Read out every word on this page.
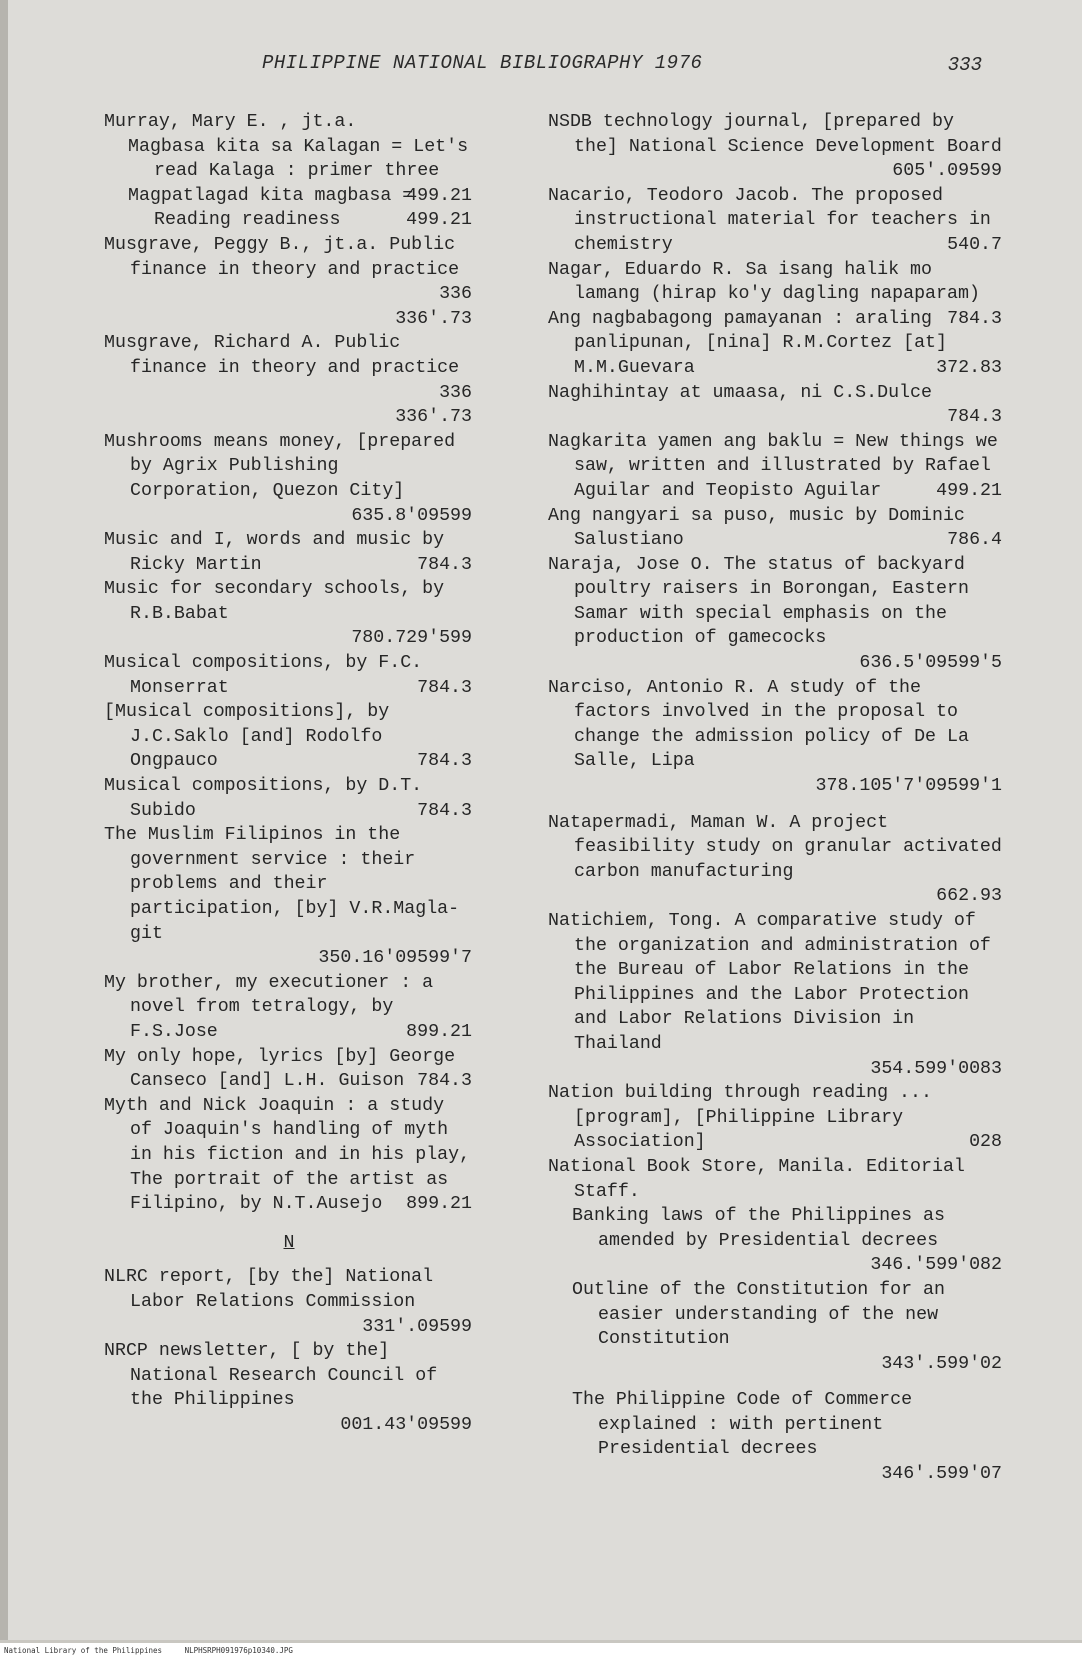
PHILIPPINE NATIONAL BIBLIOGRAPHY 1976	333

Murray, Mary E. , jt.a.

Magbasa kita sa Kalagan = Let's read Kalaga : primer three
499.21

Magpatlagad kita magbasa = Reading readiness	499.21

Musgrave, Peggy B., jt.a. Public finance in theory and practice
336
336'.73

Musgrave, Richard A. Public finance in theory and practice
336
336'.73

Mushrooms means money, [prepared by Agrix Publishing Corporation, Quezon City]
635.8'09599

Music and I, words and music by Ricky Martin	784.3

Music for secondary schools, by R.B.Babat
780.729'599

Musical compositions, by F.C. Monserrat	784.3

[Musical compositions], by J.C.Saklo [and] Rodolfo Ongpauco	784.3

Musical compositions, by D.T. Subido	784.3

The Muslim Filipinos in the government service : their problems and their participation, [by] V.R.Magla-git
350.16'09599'7

My brother, my executioner : a novel from tetralogy, by F.S.Jose	899.21

My only hope, lyrics [by] George Canseco [and] L.H. Guison 784.3

Myth and Nick Joaquin : a study of Joaquin's handling of myth in his fiction and in his play, The portrait of the artist as Filipino, by N.T.Ausejo 899.21

N

NLRC report, [by the] National Labor Relations Commission
331'.09599

NRCP newsletter, [ by the] National Research Council of the Philippines
001.43'09599

NSDB technology journal, [prepared by the] National Science Development Board
605'.09599

Nacario, Teodoro Jacob. The proposed instructional material for teachers in chemistry	540.7

Nagar, Eduardo R. Sa isang halik mo lamang (hirap ko'y dagling napaparam)
784.3

Ang nagbabagong pamayanan : araling panlipunan, [nina] R.M.Cortez [at] M.M.Guevara	372.83

Naghihintay at umaasa, ni C.S.Dulce
784.3

Nagkarita yamen ang baklu = New things we saw, written and illustrated by Rafael Aguilar and Teopisto Aguilar	499.21

Ang nangyari sa puso, music by Dominic Salustiano	786.4

Naraja, Jose O. The status of backyard poultry raisers in Borongan, Eastern Samar with special emphasis on the production of gamecocks
636.5'09599'5

Narciso, Antonio R. A study of the factors involved in the proposal to change the admission policy of De La Salle, Lipa
378.105'7'09599'1

Natapermadi, Maman W. A project feasibility study on granular activated carbon manufacturing
662.93

Natichiem, Tong. A comparative study of the organization and administration of the Bureau of Labor Relations in the Philippines and the Labor Protection and Labor Relations Division in Thailand
354.599'0083

Nation building through reading ... [program], [Philippine Library Association]	028

National Book Store, Manila. Editorial Staff.

Banking laws of the Philippines as amended by Presidential decrees
346.'599'082

Outline of the Constitution for an easier understanding of the new Constitution
343'.599'02

The Philippine Code of Commerce explained : with pertinent Presidential decrees
346'.599'07

National Library of the Philippines	NLPHSRPH091976p10340.JPG
